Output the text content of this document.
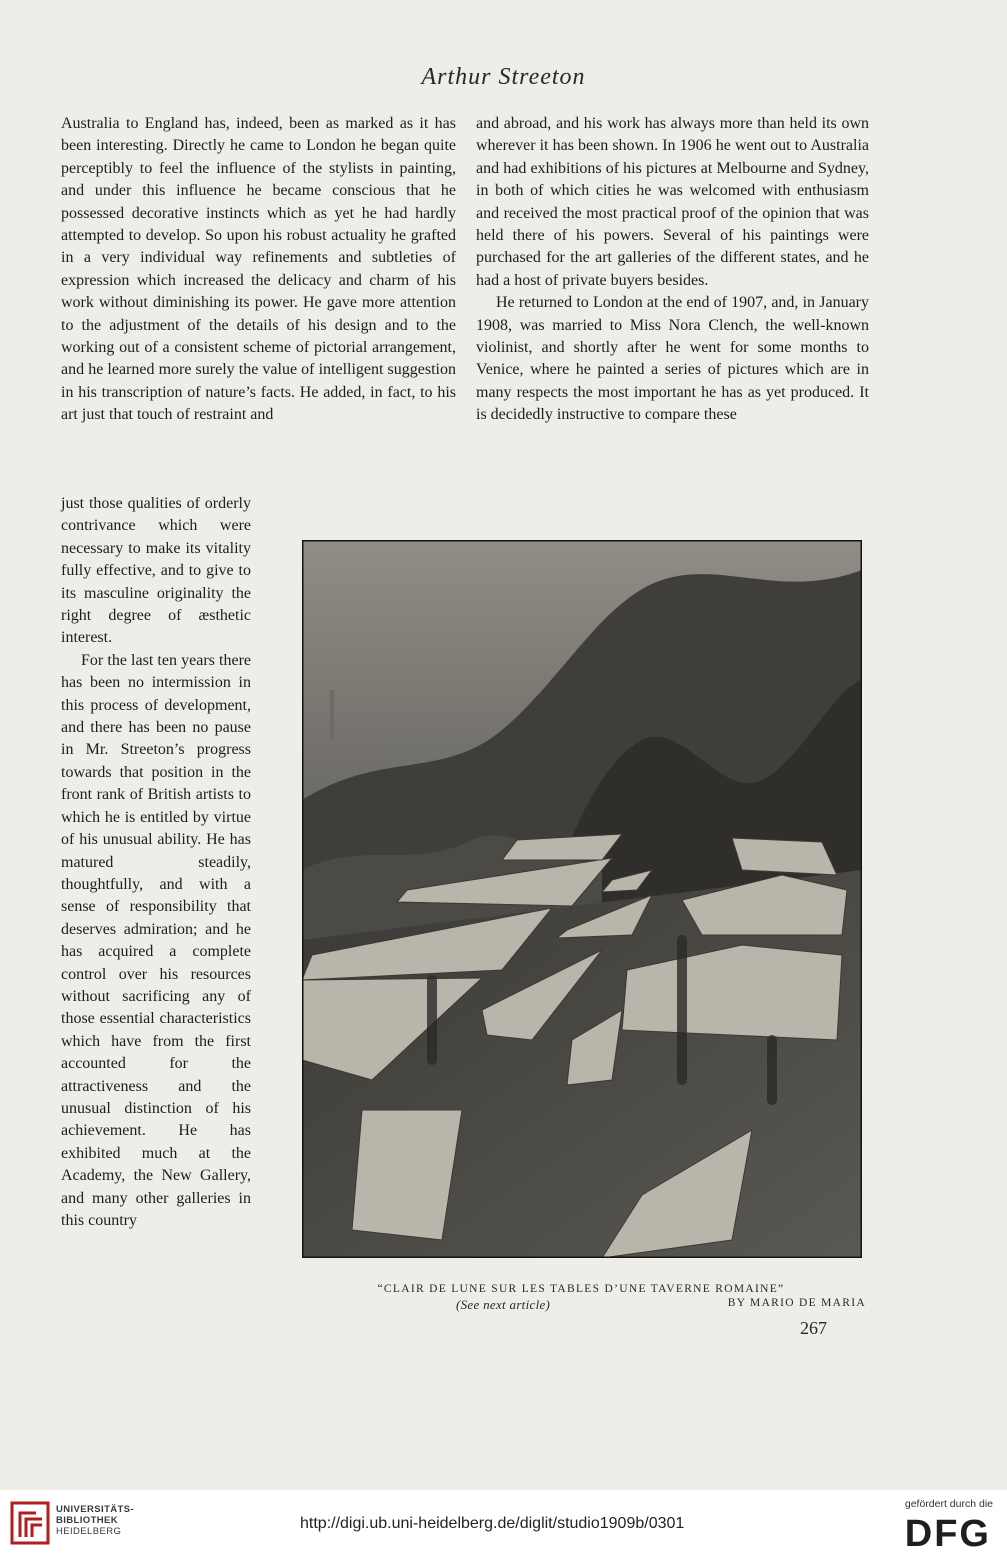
Arthur Streeton

Australia to England has, indeed, been as marked as it has been interesting. Directly he came to London he began quite perceptibly to feel the influence of the stylists in painting, and under this influence he became conscious that he possessed decorative instincts which as yet he had hardly attempted to develop. So upon his robust actuality he grafted in a very individual way refinements and subtleties of expression which increased the delicacy and charm of his work without diminishing its power. He gave more attention to the adjustment of the details of his design and to the working out of a consistent scheme of pictorial arrangement, and he learned more surely the value of intelligent suggestion in his transcription of nature’s facts. He added, in fact, to his art just that touch of restraint and

just those qualities of orderly contrivance which were necessary to make its vitality fully effective, and to give to its masculine originality the right degree of æsthetic interest.

For the last ten years there has been no intermission in this process of development, and there has been no pause in Mr. Streeton’s progress towards that position in the front rank of British artists to which he is entitled by virtue of his unusual ability. He has matured steadily, thoughtfully, and with a sense of responsibility that deserves admiration; and he has acquired a complete control over his resources without sacrificing any of those essential characteristics which have from the first accounted for the attractiveness and the unusual distinction of his achievement. He has exhibited much at the Academy, the New Gallery, and many other galleries in this country

and abroad, and his work has always more than held its own wherever it has been shown. In 1906 he went out to Australia and had exhibitions of his pictures at Melbourne and Sydney, in both of which cities he was welcomed with enthusiasm and received the most practical proof of the opinion that was held there of his powers. Several of his paintings were purchased for the art galleries of the different states, and he had a host of private buyers besides.

He returned to London at the end of 1907, and, in January 1908, was married to Miss Nora Clench, the well-known violinist, and shortly after he went for some months to Venice, where he painted a series of pictures which are in many respects the most important he has as yet produced. It is decidedly instructive to compare these

“CLAIR DE LUNE SUR LES TABLES D’UNE TAVERNE ROMAINE”
(See next article)	BY MARIO DE MARIA
267
UNIVERSITÄTS-
BIBLIOTHEK
HEIDELBERG	http://digi.ub.uni-heidelberg.de/diglit/studio1909b/0301
gefördert durch die
DFG
